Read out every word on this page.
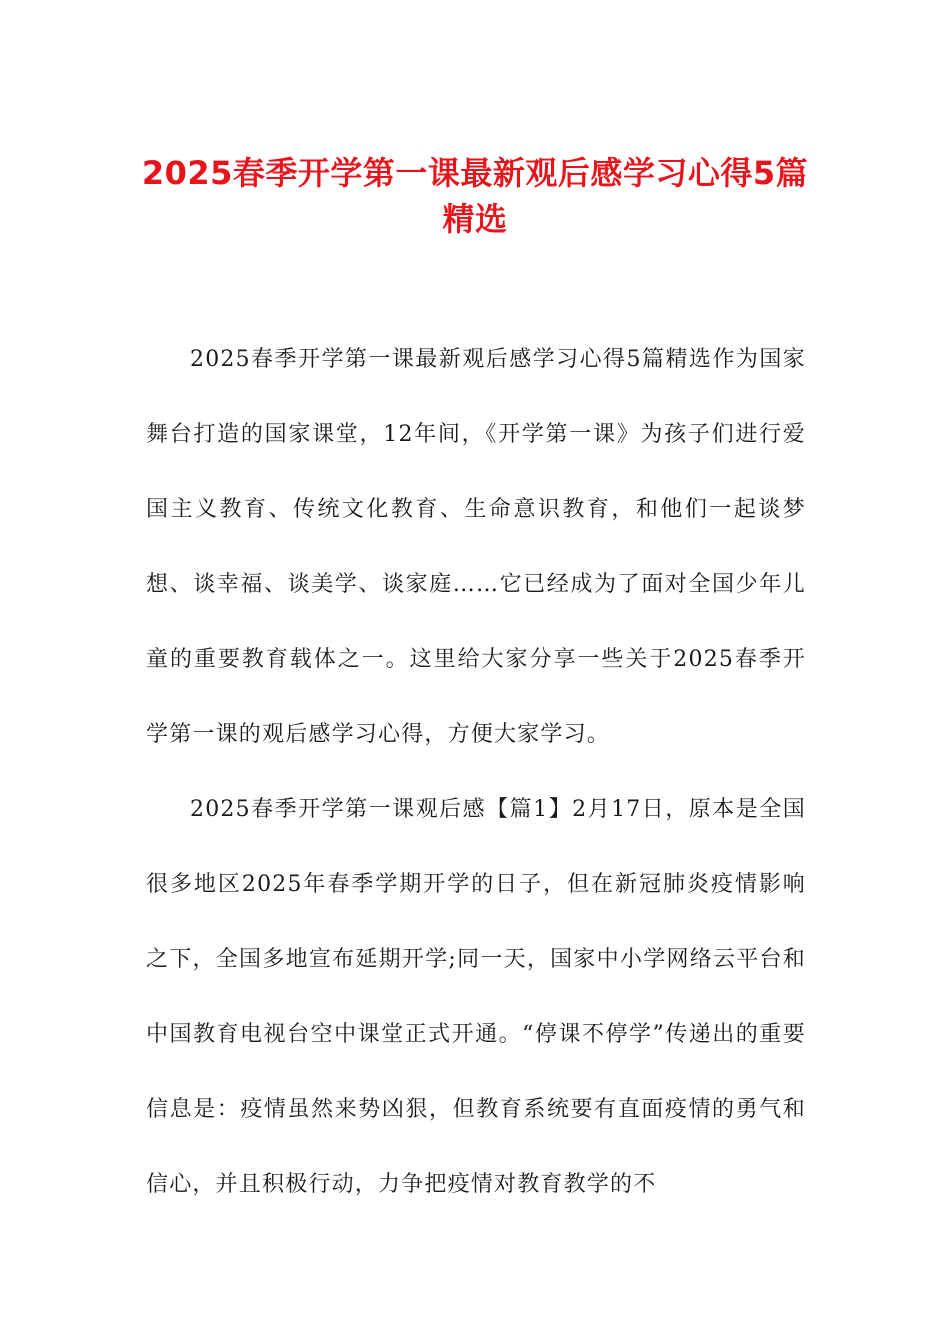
2025春季开学第一课最新观后感学习心得5篇精选

2025春季开学第一课最新观后感学习心得5篇精选作为国家舞台打造的国家课堂，12年间，《开学第一课》为孩子们进行爱国主义教育、传统文化教育、生命意识教育，和他们一起谈梦想、谈幸福、谈美学、谈家庭……它已经成为了面对全国少年儿童的重要教育载体之一。这里给大家分享一些关于2025春季开学第一课的观后感学习心得，方便大家学习。

2025春季开学第一课观后感【篇1】2月17日，原本是全国很多地区2025年春季学期开学的日子，但在新冠肺炎疫情影响之下，全国多地宣布延期开学;同一天，国家中小学网络云平台和中国教育电视台空中课堂正式开通。“停课不停学”传递出的重要信息是：疫情虽然来势凶狠，但教育系统要有直面疫情的勇气和信心，并且积极行动，力争把疫情对教育教学的不
